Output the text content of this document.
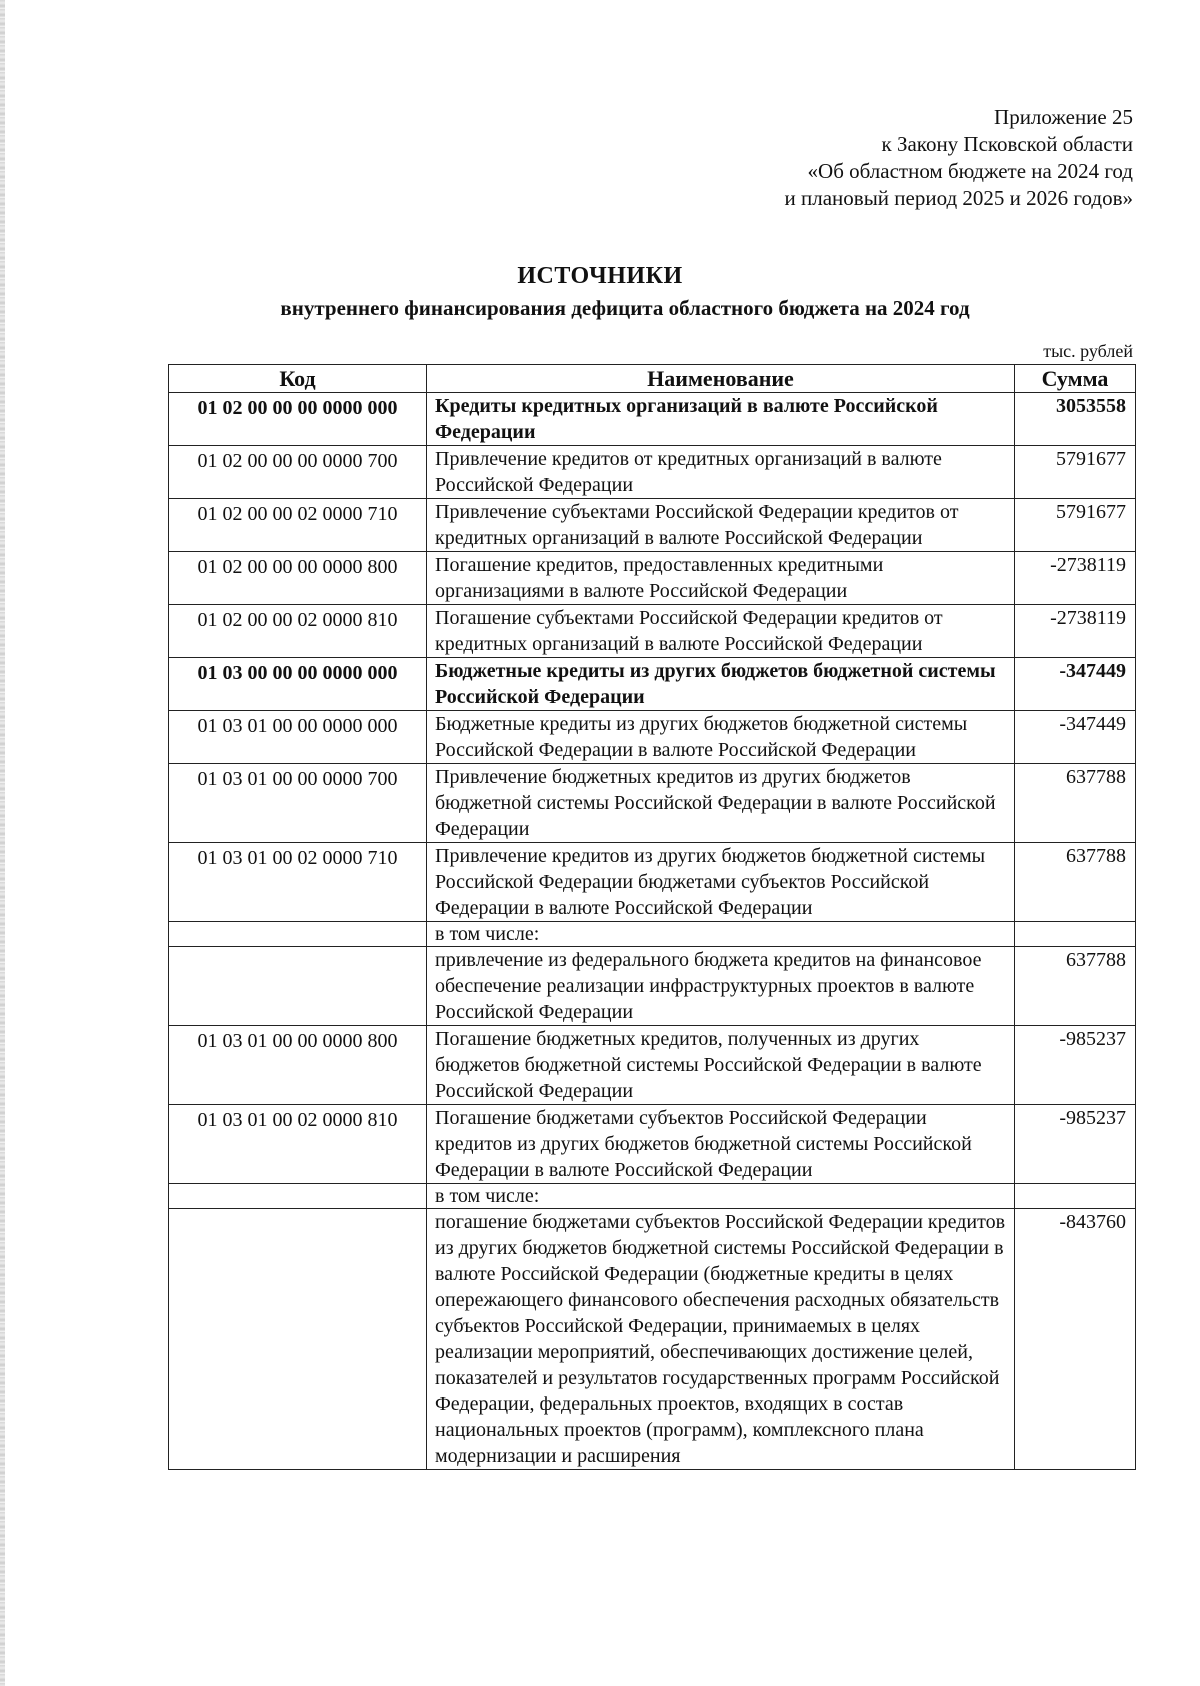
Приложение 25
к Закону Псковской области
«Об областном бюджете на 2024 год
и плановый период 2025 и 2026 годов»
ИСТОЧНИКИ
внутреннего финансирования дефицита областного бюджета на 2024 год
тыс. рублей
Код	Наименование	Сумма
01 02 00 00 00 0000 000	Кредиты кредитных организаций в валюте Российской Федерации	3053558
01 02 00 00 00 0000 700	Привлечение кредитов от кредитных организаций в валюте Российской Федерации	5791677
01 02 00 00 02 0000 710	Привлечение субъектами Российской Федерации кредитов от кредитных организаций в валюте Российской Федерации	5791677
01 02 00 00 00 0000 800	Погашение кредитов, предоставленных кредитными организациями в валюте Российской Федерации	-2738119
01 02 00 00 02 0000 810	Погашение субъектами Российской Федерации кредитов от кредитных организаций в валюте Российской Федерации	-2738119
01 03 00 00 00 0000 000	Бюджетные кредиты из других бюджетов бюджетной системы Российской Федерации	-347449
01 03 01 00 00 0000 000	Бюджетные кредиты из других бюджетов бюджетной системы Российской Федерации в валюте Российской Федерации	-347449
01 03 01 00 00 0000 700	Привлечение бюджетных кредитов из других бюджетов бюджетной системы Российской Федерации в валюте Российской Федерации	637788
01 03 01 00 02 0000 710	Привлечение кредитов из других бюджетов бюджетной системы Российской Федерации бюджетами субъектов Российской Федерации в валюте Российской Федерации	637788
	в том числе:	
	привлечение из федерального бюджета кредитов на финансовое обеспечение реализации инфраструктурных проектов в валюте Российской Федерации	637788
01 03 01 00 00 0000 800	Погашение бюджетных кредитов, полученных из других бюджетов бюджетной системы Российской Федерации в валюте Российской Федерации	-985237
01 03 01 00 02 0000 810	Погашение бюджетами субъектов Российской Федерации кредитов из других бюджетов бюджетной системы Российской Федерации в валюте Российской Федерации	-985237
	в том числе:	
	погашение бюджетами субъектов Российской Федерации кредитов из других бюджетов бюджетной системы Российской Федерации в валюте Российской Федерации (бюджетные кредиты в целях опережающего финансового обеспечения расходных обязательств субъектов Российской Федерации, принимаемых в целях реализации мероприятий, обеспечивающих достижение целей, показателей и результатов государственных программ Российской Федерации, федеральных проектов, входящих в состав национальных проектов (программ), комплексного плана модернизации и расширения	-843760
